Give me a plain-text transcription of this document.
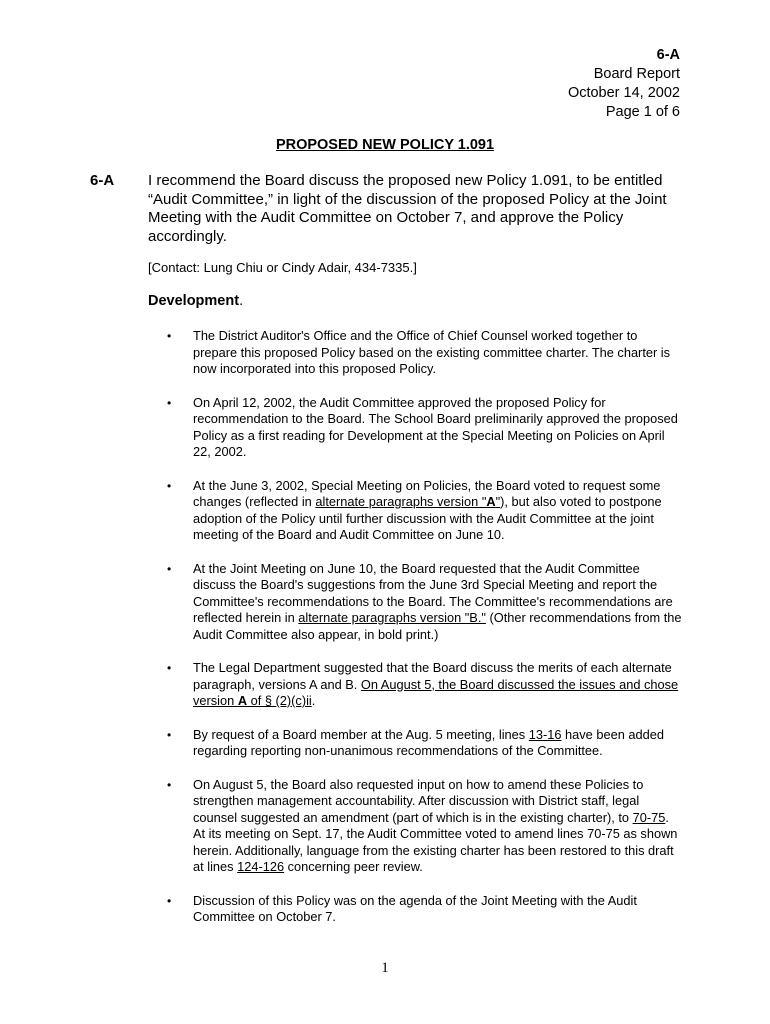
6-A
Board Report
October 14, 2002
Page 1 of 6
PROPOSED NEW POLICY 1.091
6-A I recommend the Board discuss the proposed new Policy 1.091, to be entitled “Audit Committee,” in light of the discussion of the proposed Policy at the Joint Meeting with the Audit Committee on October 7, and approve the Policy accordingly.
[Contact: Lung Chiu or Cindy Adair, 434-7335.]
Development.
• The District Auditor's Office and the Office of Chief Counsel worked together to prepare this proposed Policy based on the existing committee charter. The charter is now incorporated into this proposed Policy.
• On April 12, 2002, the Audit Committee approved the proposed Policy for recommendation to the Board. The School Board preliminarily approved the proposed Policy as a first reading for Development at the Special Meeting on Policies on April 22, 2002.
• At the June 3, 2002, Special Meeting on Policies, the Board voted to request some changes (reflected in alternate paragraphs version "A"), but also voted to postpone adoption of the Policy until further discussion with the Audit Committee at the joint meeting of the Board and Audit Committee on June 10.
• At the Joint Meeting on June 10, the Board requested that the Audit Committee discuss the Board's suggestions from the June 3rd Special Meeting and report the Committee's recommendations to the Board. The Committee's recommendations are reflected herein in alternate paragraphs version "B." (Other recommendations from the Audit Committee also appear, in bold print.)
• The Legal Department suggested that the Board discuss the merits of each alternate paragraph, versions A and B. On August 5, the Board discussed the issues and chose version A of § (2)(c)ii.
• By request of a Board member at the Aug. 5 meeting, lines 13-16 have been added regarding reporting non-unanimous recommendations of the Committee.
• On August 5, the Board also requested input on how to amend these Policies to strengthen management accountability. After discussion with District staff, legal counsel suggested an amendment (part of which is in the existing charter), to 70-75. At its meeting on Sept. 17, the Audit Committee voted to amend lines 70-75 as shown herein. Additionally, language from the existing charter has been restored to this draft at lines 124-126 concerning peer review.
• Discussion of this Policy was on the agenda of the Joint Meeting with the Audit Committee on October 7.
1
